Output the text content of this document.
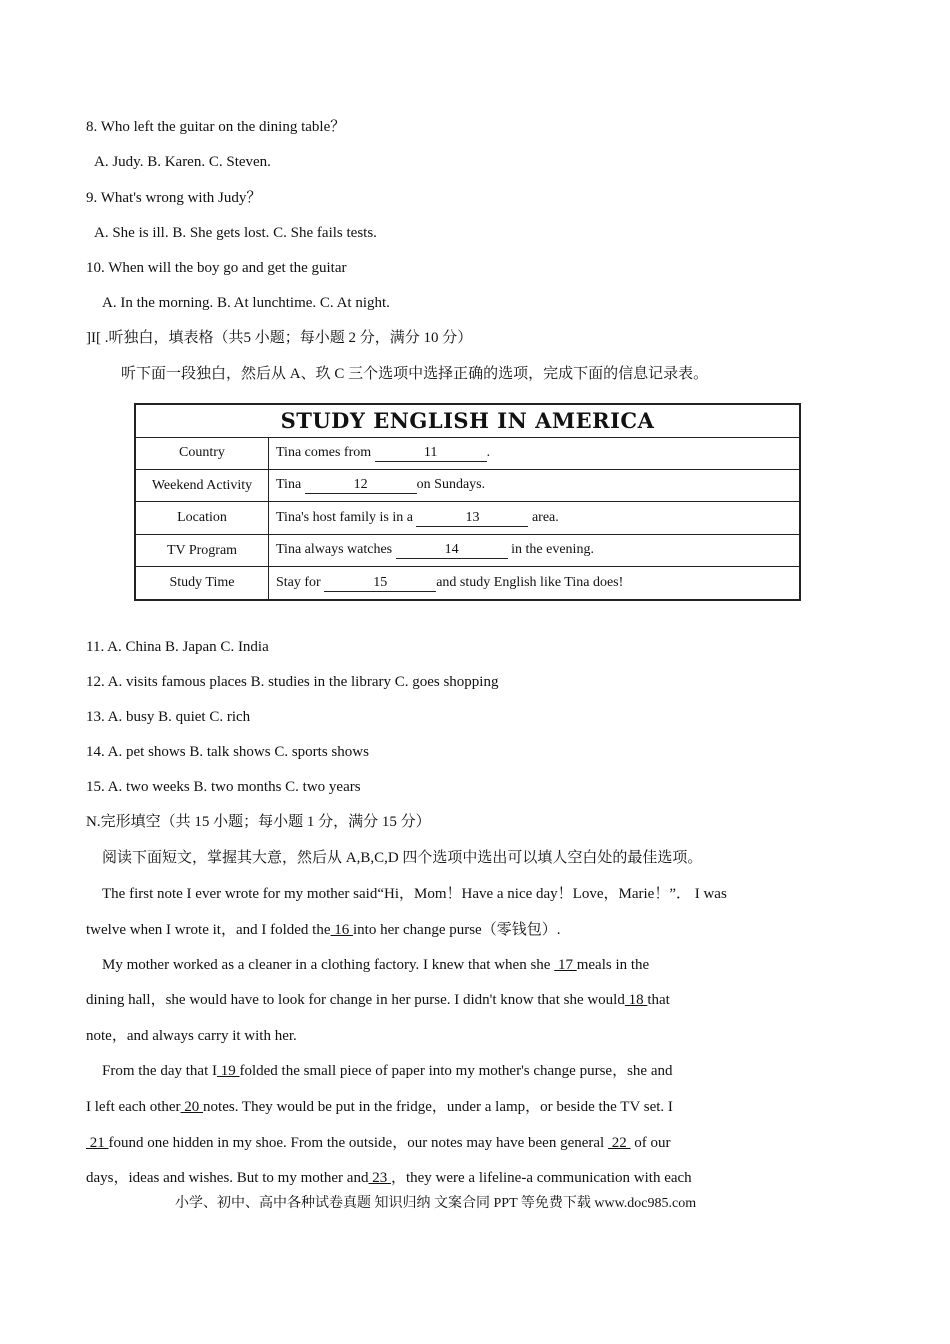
8. Who left the guitar on the dining table？
A. Judy. B. Karen. C. Steven.
9. What's wrong with Judy？
A. She is ill. B. She gets lost. C. She fails tests.
10. When will the boy go and get the guitar
A. In the morning. B. At lunchtime. C. At night.
]I[ .听独白，填表格（共5 小题；每小题 2 分，满分 10 分）
听下面一段独白，然后从 A、玖 C 三个选项中选择正确的选项，完成下面的信息记录表。
STUDY ENGLISH IN AMERICA	
Country	Tina comes from 11 .
Weekend Activity	Tina 12 on Sundays.
Location	Tina's host family is in a 13 area.
TV Program	Tina always watches 14 in the evening.
Study Time	Stay for 15 and study English like Tina does!
11. A. China B. Japan C. India
12. A. visits famous places B. studies in the library C. goes shopping
13. A. busy B. quiet C. rich
14. A. pet shows B. talk shows C. sports shows
15. A. two weeks B. two months C. two years
N.完形填空（共 15 小题；每小题 1 分，满分 15 分）
阅读下面短文，掌握其大意，然后从 A,B,C,D 四个选项中选出可以填人空白处的最佳选项。
The first note I ever wrote for my mother said“Hi，Mom！Have a nice day！Love，Marie！”． I was
twelve when I wrote it，and I folded the 16 into her change purse（零钱包）.
My mother worked as a cleaner in a clothing factory. I knew that when she  17 meals in the
dining hall，she would have to look for change in her purse. I didn't know that she would 18 that
note，and always carry it with her.
From the day that I 19 folded the small piece of paper into my mother's change purse，she and
I left each other 20 notes. They would be put in the fridge，under a lamp，or beside the TV set. I
21 found one hidden in my shoe. From the outside，our notes may have been general  22  of our
days，ideas and wishes. But to my mother and 23 ，they were a lifeline-a communication with each
小学、初中、高中各种试卷真题 知识归纳 文案合同 PPT 等免费下载 www.doc985.com
